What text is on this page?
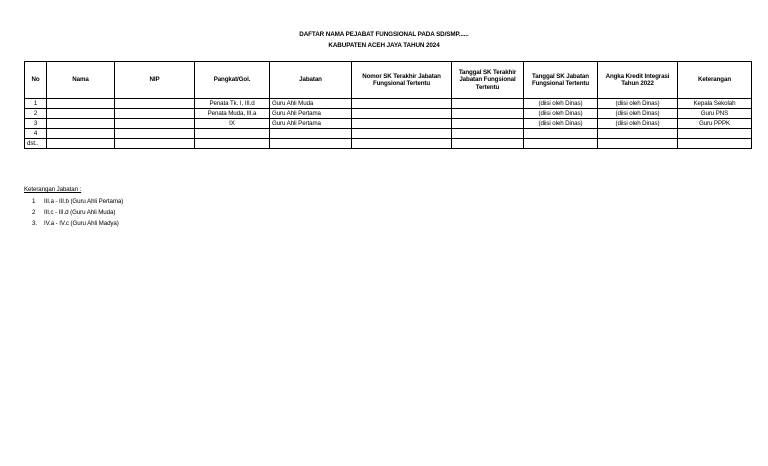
DAFTAR NAMA PEJABAT FUNGSIONAL PADA SD/SMP......
KABUPATEN ACEH JAYA TAHUN 2024
No	Nama	NIP	Pangkat/Gol.	Jabatan	Nomor SK Terakhir Jabatan Fungsional Tertentu	Tanggal SK Terakhir Jabatan Fungsional Tertentu	Tanggal SK Jabatan Fungsional Tertentu	Angka Kredit Integrasi Tahun 2022	Keterangan
1			Penata Tk. I, III.d	Guru Ahli Muda			(diisi oleh Dinas)	(diisi oleh Dinas)	Kepala Sekolah
2			Penata Muda, III.a	Guru Ahli Pertama			(diisi oleh Dinas)	(diisi oleh Dinas)	Guru PNS
3			IX	Guru Ahli Pertama			(diisi oleh Dinas)	(diisi oleh Dinas)	Guru PPPK
4									
dst..									
Keterangan Jabatan :
1	III.a - III.b (Guru Ahli Pertama)
2	III.c - III.d (Guru Ahli Muda)
3.	IV.a - IV.c (Guru Ahli Madya)
